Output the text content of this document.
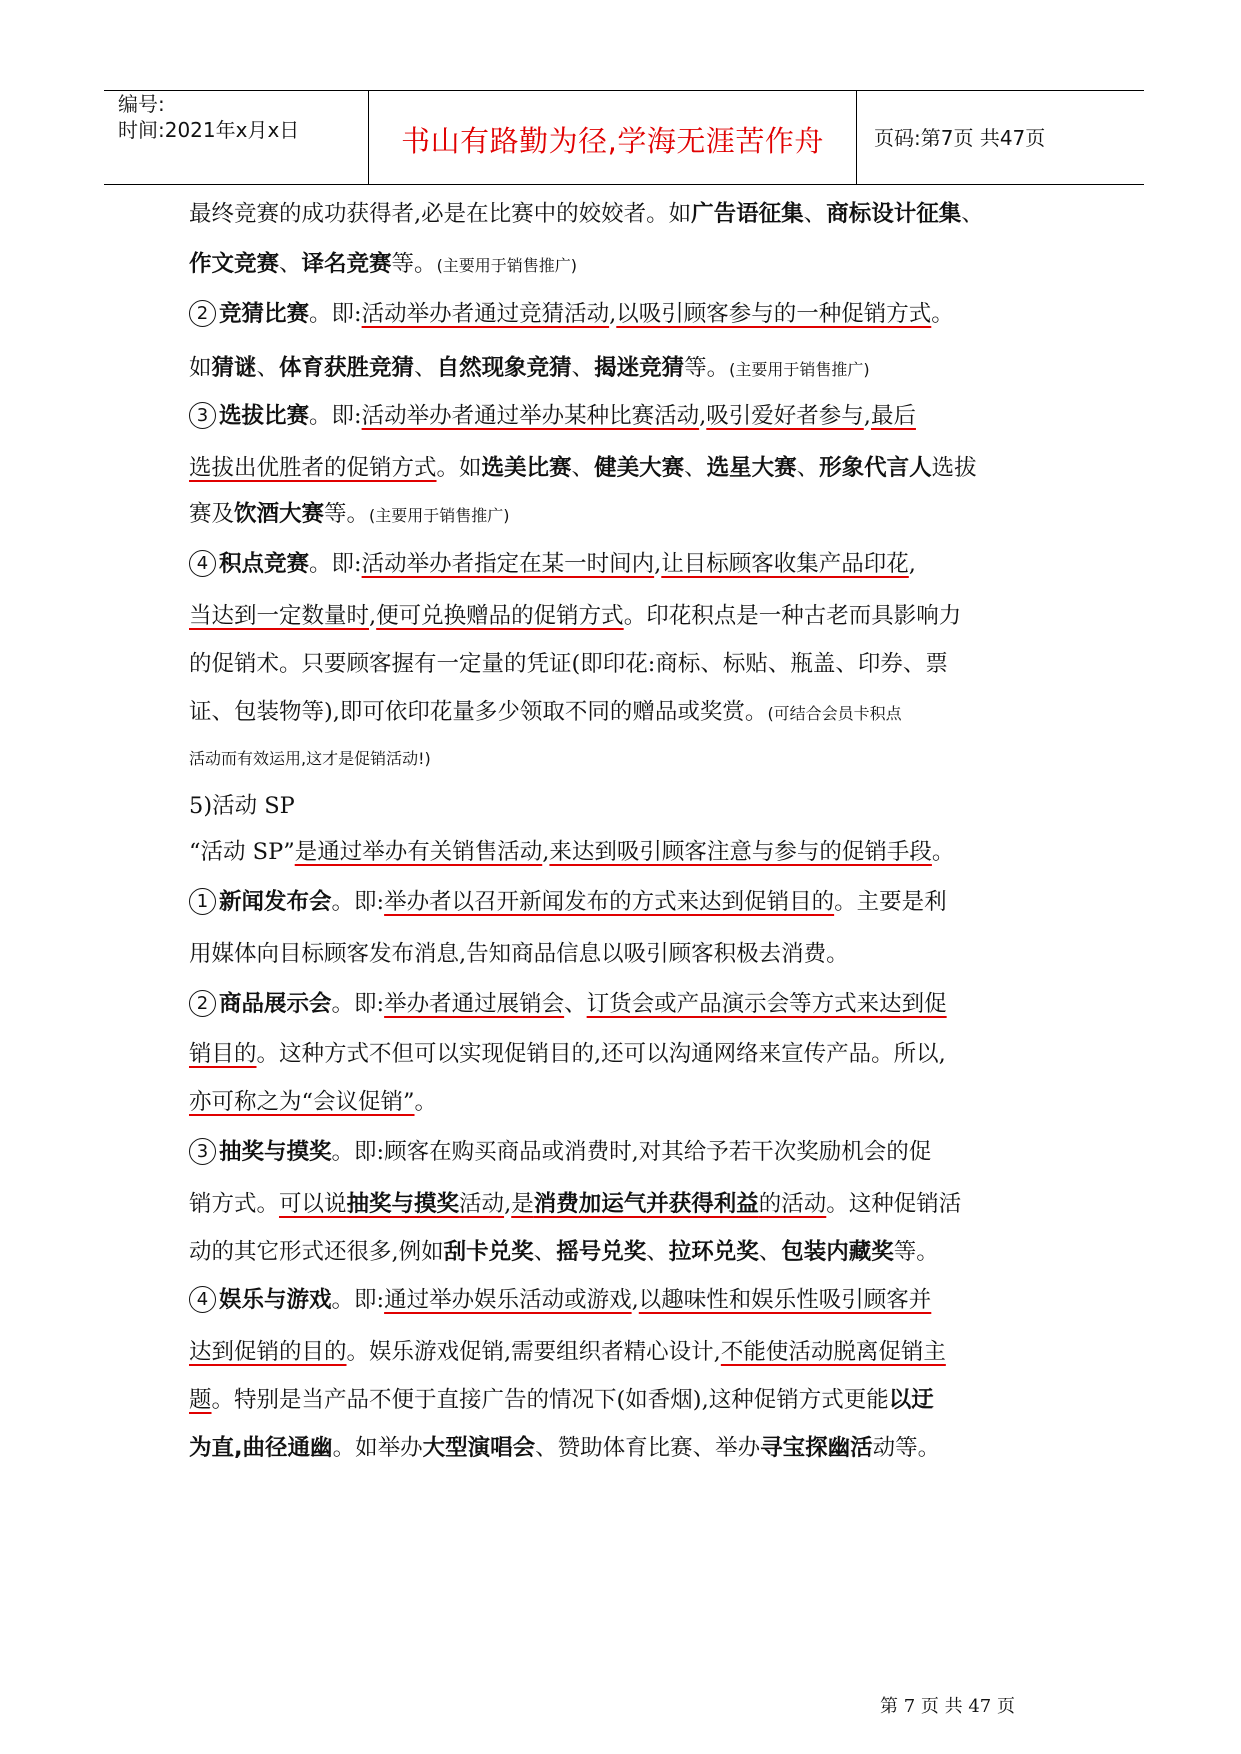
编号:
时间:2021年x月x日	书山有路勤为径,学海无涯苦作舟	页码:第7页 共47页
最终竞赛的成功获得者,必是在比赛中的姣姣者。如广告语征集、商标设计征集、
作文竞赛、译名竞赛等。(主要用于销售推广)
2 竞猜比赛。即:活动举办者通过竞猜活动,以吸引顾客参与的一种促销方式。
如猜谜、体育获胜竞猜、自然现象竞猜、揭迷竞猜等。(主要用于销售推广)
3 选拔比赛。即:活动举办者通过举办某种比赛活动,吸引爱好者参与,最后
选拔出优胜者的促销方式。如选美比赛、健美大赛、选星大赛、形象代言人选拔
赛及饮酒大赛等。(主要用于销售推广)
4 积点竞赛。即:活动举办者指定在某一时间内,让目标顾客收集产品印花,
当达到一定数量时,便可兑换赠品的促销方式。印花积点是一种古老而具影响力
的促销术。只要顾客握有一定量的凭证(即印花:商标、标贴、瓶盖、印券、票
证、包装物等),即可依印花量多少领取不同的赠品或奖赏。(可结合会员卡积点
活动而有效运用,这才是促销活动!)
5)活动 SP
“活动 SP”是通过举办有关销售活动,来达到吸引顾客注意与参与的促销手段。
1 新闻发布会。即:举办者以召开新闻发布的方式来达到促销目的。主要是利
用媒体向目标顾客发布消息,告知商品信息以吸引顾客积极去消费。
2 商品展示会。即:举办者通过展销会、订货会或产品演示会等方式来达到促
销目的。这种方式不但可以实现促销目的,还可以沟通网络来宣传产品。所以,
亦可称之为“会议促销”。
3 抽奖与摸奖。即:顾客在购买商品或消费时,对其给予若干次奖励机会的促
销方式。可以说抽奖与摸奖活动,是消费加运气并获得利益的活动。这种促销活
动的其它形式还很多,例如刮卡兑奖、摇号兑奖、拉环兑奖、包装内藏奖等。
4 娱乐与游戏。即:通过举办娱乐活动或游戏,以趣味性和娱乐性吸引顾客并
达到促销的目的。娱乐游戏促销,需要组织者精心设计,不能使活动脱离促销主
题。特别是当产品不便于直接广告的情况下(如香烟),这种促销方式更能以迂
为直,曲径通幽。如举办大型演唱会、赞助体育比赛、举办寻宝探幽活动等。
第 7 页 共 47 页
